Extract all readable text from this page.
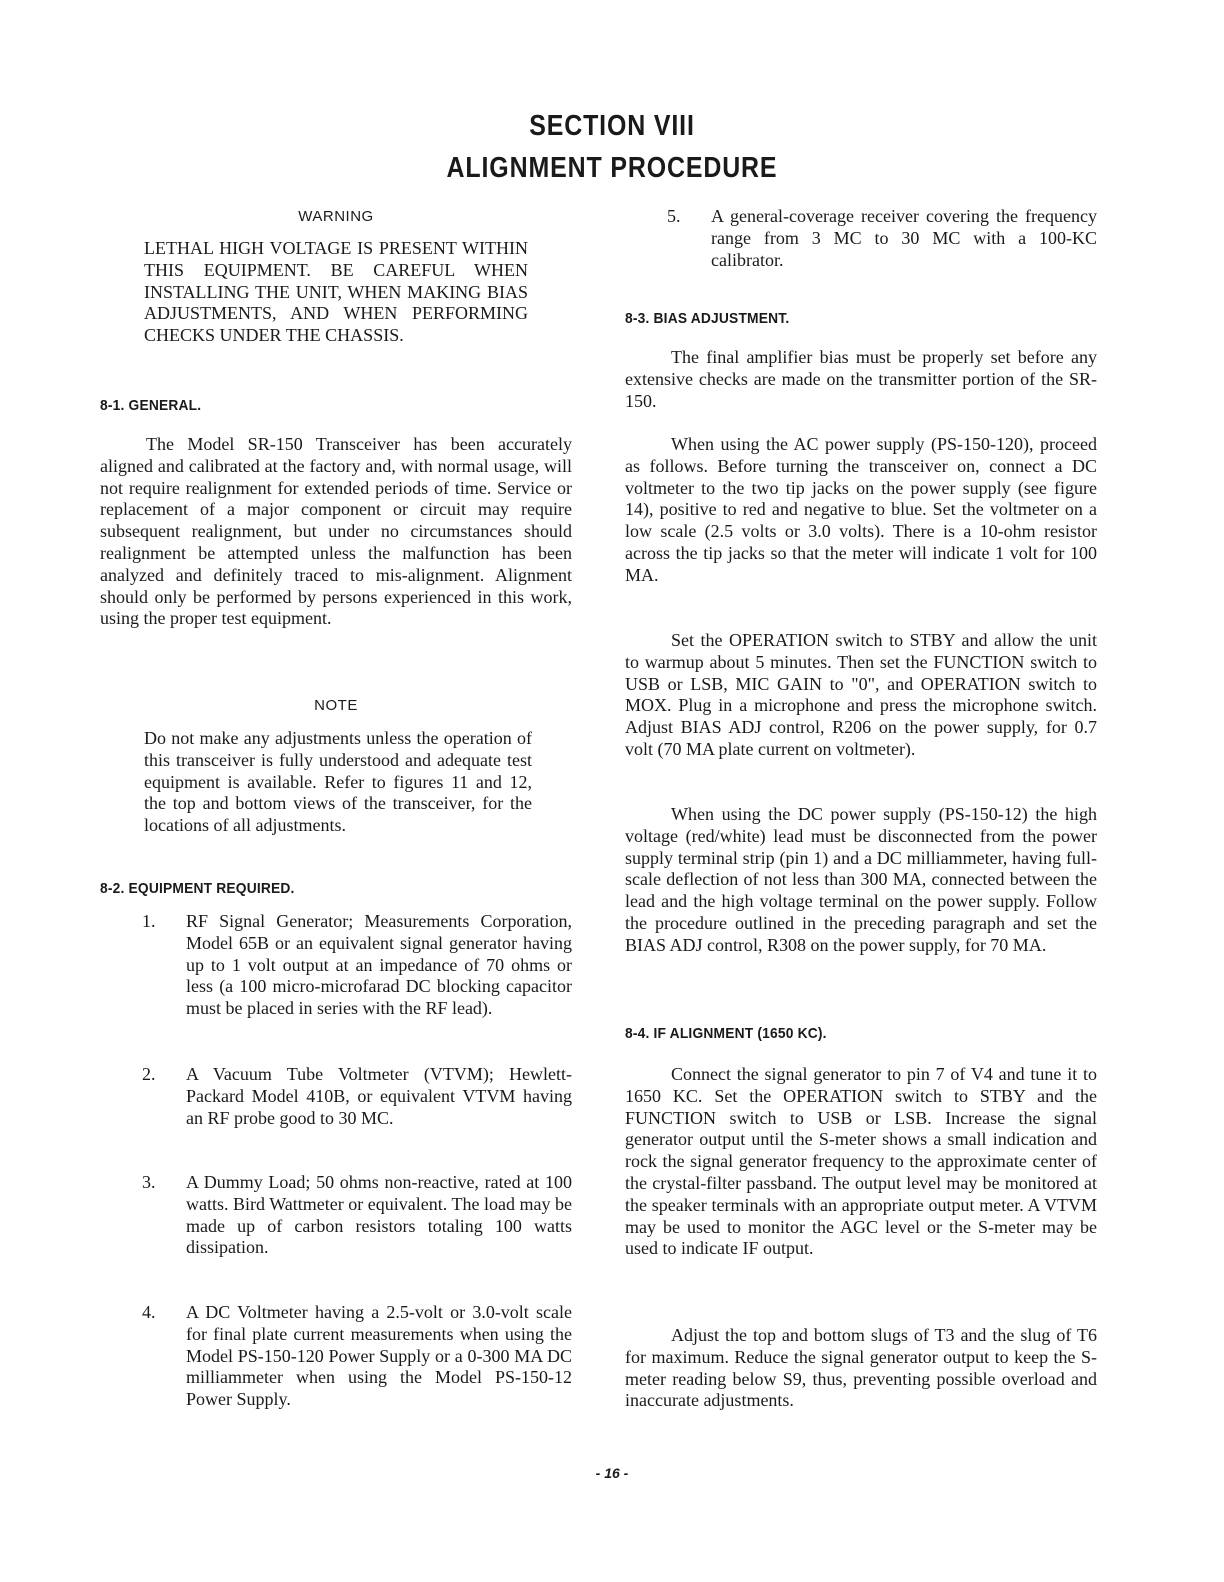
SECTION VIII
ALIGNMENT PROCEDURE
WARNING

LETHAL HIGH VOLTAGE IS PRESENT WITHIN THIS EQUIPMENT. BE CAREFUL WHEN INSTALLING THE UNIT, WHEN MAKING BIAS ADJUSTMENTS, AND WHEN PERFORMING CHECKS UNDER THE CHASSIS.

8-1. GENERAL.

The Model SR-150 Transceiver has been accurately aligned and calibrated at the factory and, with normal usage, will not require realignment for extended periods of time. Service or replacement of a major component or circuit may require subsequent realignment, but under no circumstances should realignment be attempted unless the malfunction has been analyzed and definitely traced to mis-alignment. Alignment should only be performed by persons experienced in this work, using the proper test equipment.

NOTE

Do not make any adjustments unless the operation of this transceiver is fully understood and adequate test equipment is available. Refer to figures 11 and 12, the top and bottom views of the transceiver, for the locations of all adjustments.

8-2. EQUIPMENT REQUIRED.
1. RF Signal Generator; Measurements Corporation, Model 65B or an equivalent signal generator having up to 1 volt output at an impedance of 70 ohms or less (a 100 micro-microfarad DC blocking capacitor must be placed in series with the RF lead).

2. A Vacuum Tube Voltmeter (VTVM); Hewlett-Packard Model 410B, or equivalent VTVM having an RF probe good to 30 MC.

3. A Dummy Load; 50 ohms non-reactive, rated at 100 watts. Bird Wattmeter or equivalent. The load may be made up of carbon resistors totaling 100 watts dissipation.

4. A DC Voltmeter having a 2.5-volt or 3.0-volt scale for final plate current measurements when using the Model PS-150-120 Power Supply or a 0-300 MA DC milliammeter when using the Model PS-150-12 Power Supply.

5. A general-coverage receiver covering the frequency range from 3 MC to 30 MC with a 100-KC calibrator.

8-3. BIAS ADJUSTMENT.

The final amplifier bias must be properly set before any extensive checks are made on the transmitter portion of the SR-150.

When using the AC power supply (PS-150-120), proceed as follows. Before turning the transceiver on, connect a DC voltmeter to the two tip jacks on the power supply (see figure 14), positive to red and negative to blue. Set the voltmeter on a low scale (2.5 volts or 3.0 volts). There is a 10-ohm resistor across the tip jacks so that the meter will indicate 1 volt for 100 MA.

Set the OPERATION switch to STBY and allow the unit to warmup about 5 minutes. Then set the FUNCTION switch to USB or LSB, MIC GAIN to "0", and OPERATION switch to MOX. Plug in a microphone and press the microphone switch. Adjust BIAS ADJ control, R206 on the power supply, for 0.7 volt (70 MA plate current on voltmeter).

When using the DC power supply (PS-150-12) the high voltage (red/white) lead must be disconnected from the power supply terminal strip (pin 1) and a DC milliammeter, having full-scale deflection of not less than 300 MA, connected between the lead and the high voltage terminal on the power supply. Follow the procedure outlined in the preceding paragraph and set the BIAS ADJ control, R308 on the power supply, for 70 MA.

8-4. IF ALIGNMENT (1650 KC).

Connect the signal generator to pin 7 of V4 and tune it to 1650 KC. Set the OPERATION switch to STBY and the FUNCTION switch to USB or LSB. Increase the signal generator output until the S-meter shows a small indication and rock the signal generator frequency to the approximate center of the crystal-filter passband. The output level may be monitored at the speaker terminals with an appropriate output meter. A VTVM may be used to monitor the AGC level or the S-meter may be used to indicate IF output.

Adjust the top and bottom slugs of T3 and the slug of T6 for maximum. Reduce the signal generator output to keep the S-meter reading below S9, thus, preventing possible overload and inaccurate adjustments.

- 16 -
